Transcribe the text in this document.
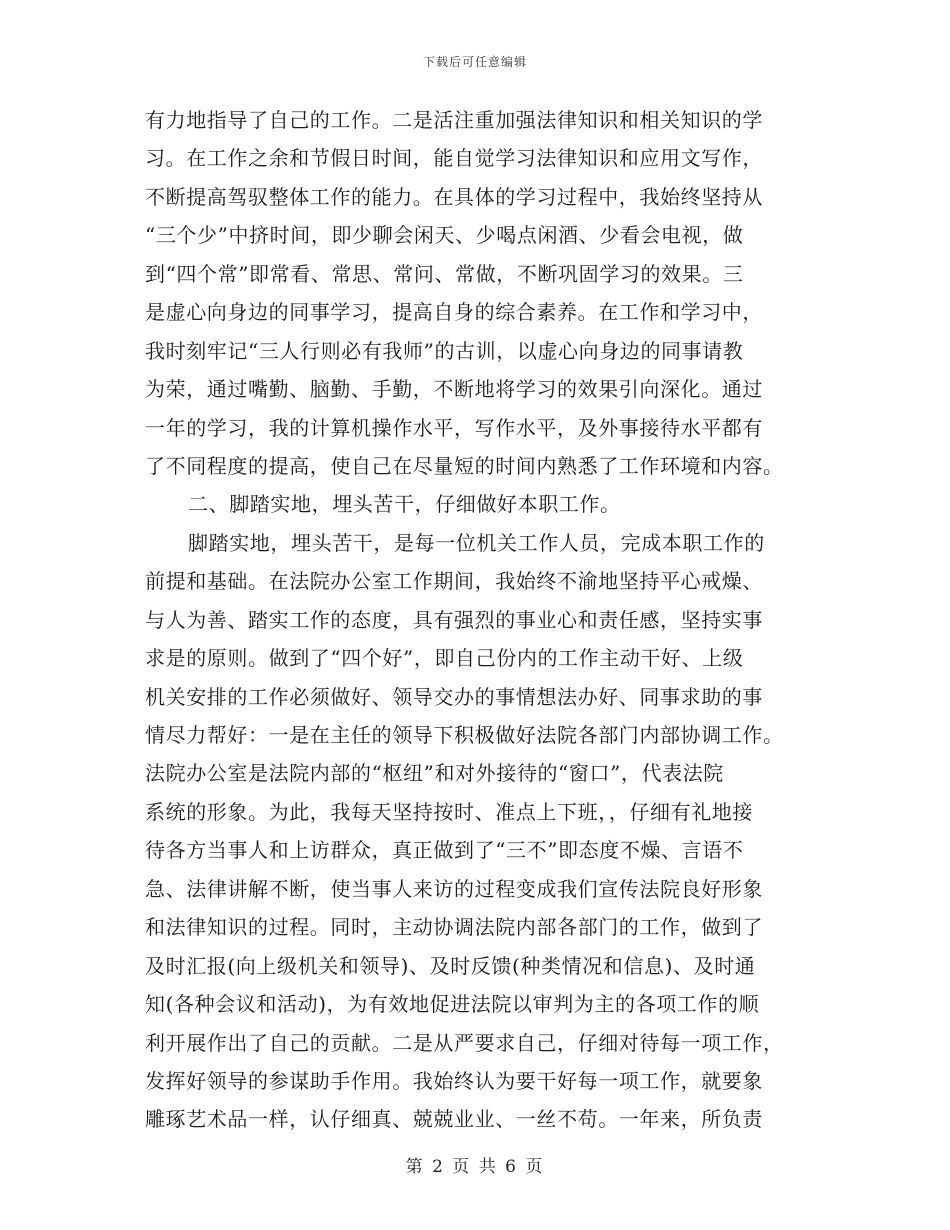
下载后可任意编辑
有力地指导了自己的工作。二是活注重加强法律知识和相关知识的学
习。在工作之余和节假日时间，能自觉学习法律知识和应用文写作，
不断提高驾驭整体工作的能力。在具体的学习过程中，我始终坚持从
“三个少”中挤时间，即少聊会闲天、少喝点闲酒、少看会电视，做
到“四个常”即常看、常思、常问、常做，不断巩固学习的效果。三
是虚心向身边的同事学习，提高自身的综合素养。在工作和学习中，
我时刻牢记“三人行则必有我师”的古训，以虚心向身边的同事请教
为荣，通过嘴勤、脑勤、手勤，不断地将学习的效果引向深化。通过
一年的学习，我的计算机操作水平，写作水平，及外事接待水平都有
了不同程度的提高，使自己在尽量短的时间内熟悉了工作环境和内容。
二、脚踏实地，埋头苦干，仔细做好本职工作。
脚踏实地，埋头苦干，是每一位机关工作人员，完成本职工作的
前提和基础。在法院办公室工作期间，我始终不渝地坚持平心戒燥、
与人为善、踏实工作的态度，具有强烈的事业心和责任感，坚持实事
求是的原则。做到了“四个好”，即自己份内的工作主动干好、上级
机关安排的工作必须做好、领导交办的事情想法办好、同事求助的事
情尽力帮好：一是在主任的领导下积极做好法院各部门内部协调工作。
法院办公室是法院内部的“枢纽”和对外接待的“窗口”，代表法院
系统的形象。为此，我每天坚持按时、准点上下班，，仔细有礼地接
待各方当事人和上访群众，真正做到了“三不”即态度不燥、言语不
急、法律讲解不断，使当事人来访的过程变成我们宣传法院良好形象
和法律知识的过程。同时，主动协调法院内部各部门的工作，做到了
及时汇报(向上级机关和领导)、及时反馈(种类情况和信息)、及时通
知(各种会议和活动)，为有效地促进法院以审判为主的各项工作的顺
利开展作出了自己的贡献。二是从严要求自己，仔细对待每一项工作，
发挥好领导的参谋助手作用。我始终认为要干好每一项工作，就要象
雕琢艺术品一样，认仔细真、兢兢业业、一丝不苟。一年来，所负责
第 2 页 共 6 页
